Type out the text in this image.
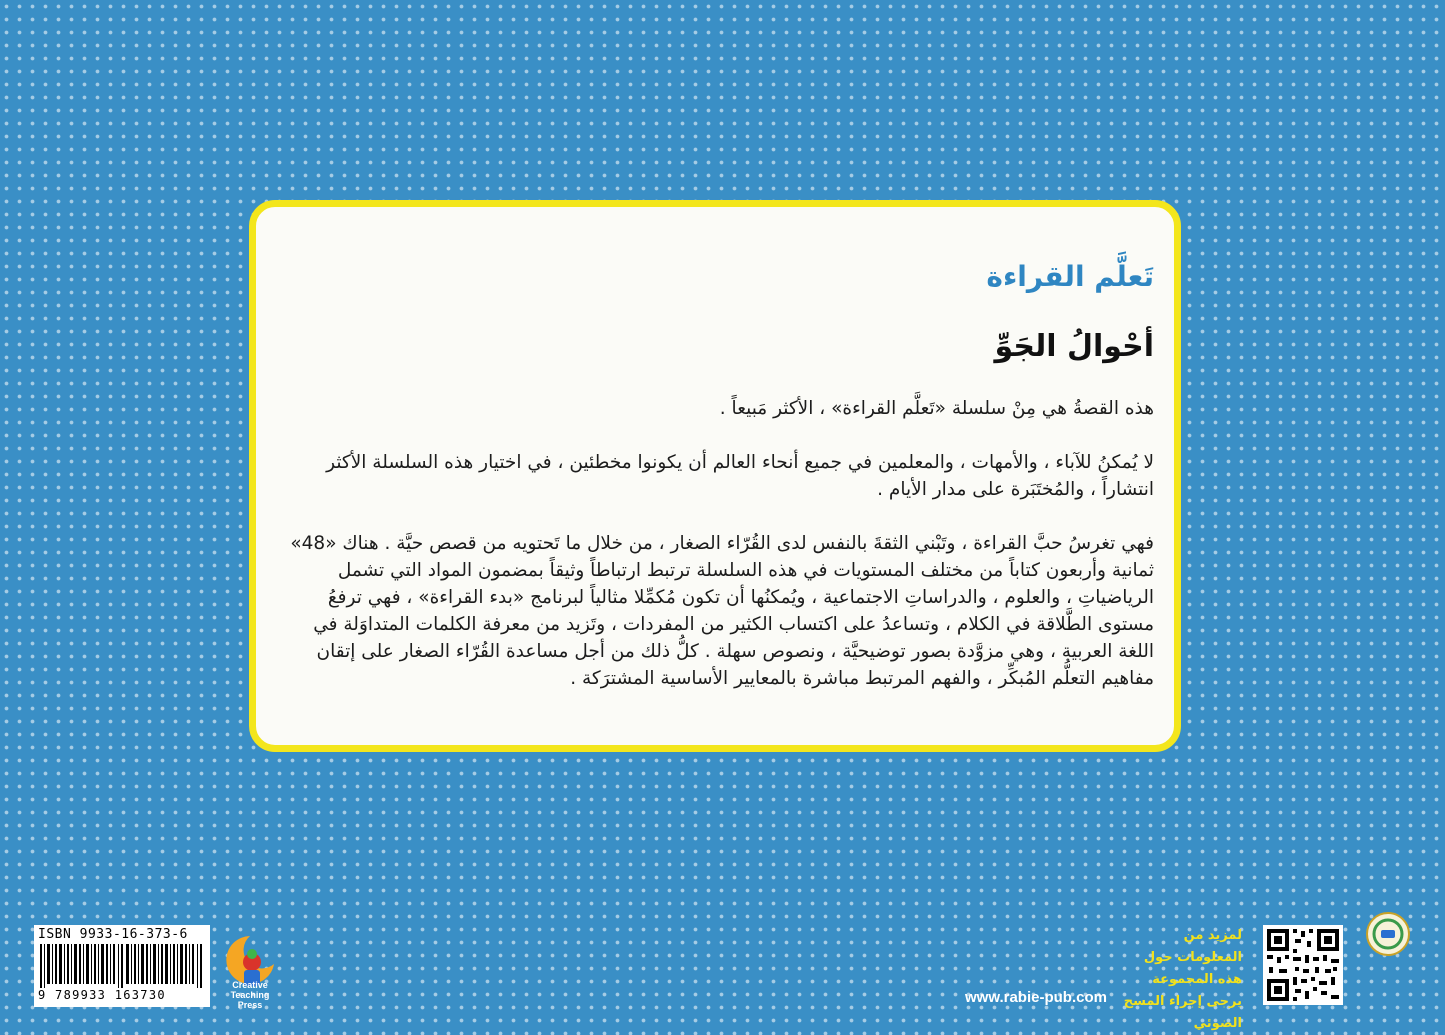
تَعلَّم القراءة
أحْوالُ الجَوِّ

هذه القصةُ هي مِنْ سلسلة «تَعلَّم القراءة» ، الأكثر مَبيعاً .

لا يُمكنُ للآباء ، والأمهات ، والمعلمين في جميع أنحاء العالم أن يكونوا مخطئين ، في اختيار هذه السلسلة الأكثر انتشاراً ، والمُختَبَرة على مدار الأيام .

فهي تغرسُ حبَّ القراءة ، وتَبْني الثقةَ بالنفس لدى القُرّاء الصغار ، من خلال ما تَحتويه من قصص حيَّة . هناك «48» ثمانية وأربعون كتاباً من مختلف المستويات في هذه السلسلة ترتبط ارتباطاً وثيقاً بمضمون المواد التي تشمل الرياضياتِ ، والعلوم ، والدراساتِ الاجتماعية ، ويُمكنُها أن تكون مُكمِّلا مثالياً لبرنامج «بدء القراءة» ، فهي ترفعُ مستوى الطَّلاقة في الكلام ، وتساعدُ على اكتساب الكثير من المفردات ، وتَزيد من معرفة الكلمات المتداوَلة في اللغة العربية ، وهي مزوَّدة بصور توضيحيَّة ، ونصوص سهلة . كلُّ ذلك من أجل مساعدة القُرّاء الصغار على إتقان مفاهيم التعلُّم المُبكِّر ، والفهم المرتبط مباشرة بالمعايير الأساسية المشترَكة .

ISBN 9933-16-373-6
9 789933 163730
Creative Teaching Press	www.rabie-pub.com
لمزيد من المعلومات حول هذه المجموعة يرجى إجراء المسح الضوئي
